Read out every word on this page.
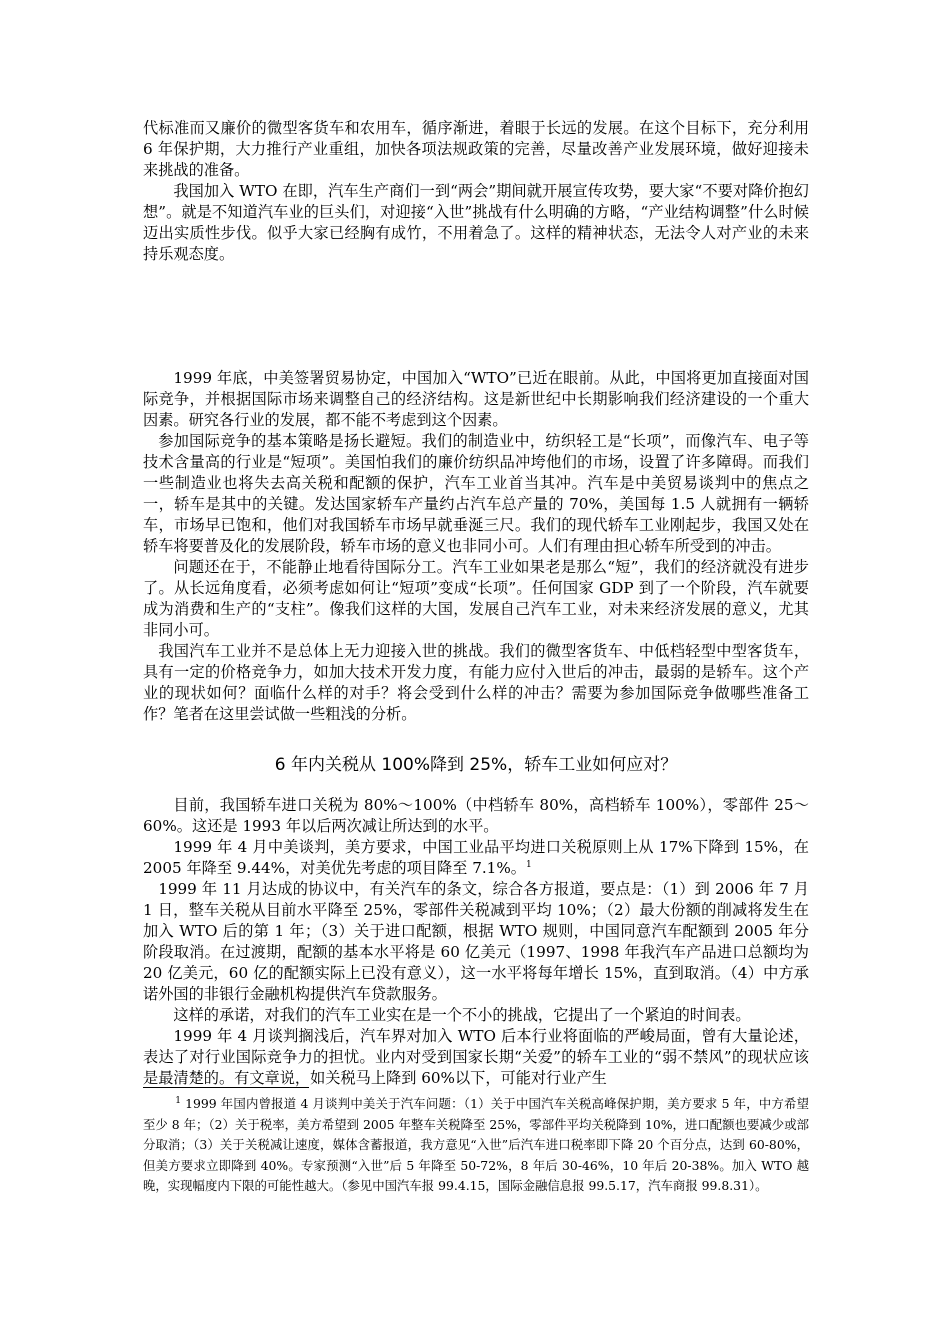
代标准而又廉价的微型客货车和农用车，循序渐进，着眼于长远的发展。在这个目标下，充分利用 6 年保护期，大力推行产业重组，加快各项法规政策的完善，尽量改善产业发展环境，做好迎接未来挑战的准备。

我国加入 WTO 在即，汽车生产商们一到“两会”期间就开展宣传攻势，要大家“不要对降价抱幻想”。就是不知道汽车业的巨头们，对迎接“入世”挑战有什么明确的方略，“产业结构调整”什么时候迈出实质性步伐。似乎大家已经胸有成竹，不用着急了。这样的精神状态，无法令人对产业的未来持乐观态度。

1999 年底，中美签署贸易协定，中国加入“WTO”已近在眼前。从此，中国将更加直接面对国际竞争，并根据国际市场来调整自己的经济结构。这是新世纪中长期影响我们经济建设的一个重大因素。研究各行业的发展，都不能不考虑到这个因素。

参加国际竞争的基本策略是扬长避短。我们的制造业中，纺织轻工是“长项”，而像汽车、电子等技术含量高的行业是“短项”。美国怕我们的廉价纺织品冲垮他们的市场，设置了许多障碍。而我们一些制造业也将失去高关税和配额的保护，汽车工业首当其冲。汽车是中美贸易谈判中的焦点之一，轿车是其中的关键。发达国家轿车产量约占汽车总产量的 70%，美国每 1.5 人就拥有一辆轿车，市场早已饱和，他们对我国轿车市场早就垂涎三尺。我们的现代轿车工业刚起步，我国又处在轿车将要普及化的发展阶段，轿车市场的意义也非同小可。人们有理由担心轿车所受到的冲击。

问题还在于，不能静止地看待国际分工。汽车工业如果老是那么“短”，我们的经济就没有进步了。从长远角度看，必须考虑如何让“短项”变成“长项”。任何国家 GDP 到了一个阶段，汽车就要成为消费和生产的“支柱”。像我们这样的大国，发展自己汽车工业，对未来经济发展的意义，尤其非同小可。

我国汽车工业并不是总体上无力迎接入世的挑战。我们的微型客货车、中低档轻型中型客货车，具有一定的价格竞争力，如加大技术开发力度，有能力应付入世后的冲击，最弱的是轿车。这个产业的现状如何？面临什么样的对手？将会受到什么样的冲击？需要为参加国际竞争做哪些准备工作？笔者在这里尝试做一些粗浅的分析。

6 年内关税从 100%降到 25%，轿车工业如何应对？

目前，我国轿车进口关税为 80%～100%（中档轿车 80%，高档轿车 100%），零部件 25～60%。这还是 1993 年以后两次减让所达到的水平。

1999 年 4 月中美谈判，美方要求，中国工业品平均进口关税原则上从 17%下降到 15%，在 2005 年降至 9.44%，对美优先考虑的项目降至 7.1%。$^1$

1999 年 11 月达成的协议中，有关汽车的条文，综合各方报道，要点是：（1）到 2006 年 7 月 1 日，整车关税从目前水平降至 25%，零部件关税减到平均 10%；（2）最大份额的削减将发生在加入 WTO 后的第 1 年；（3）关于进口配额，根据 WTO 规则，中国同意汽车配额到 2005 年分阶段取消。在过渡期，配额的基本水平将是 60 亿美元（1997、1998 年我汽车产品进口总额均为 20 亿美元，60 亿的配额实际上已没有意义），这一水平将每年增长 15%，直到取消。（4）中方承诺外国的非银行金融机构提供汽车贷款服务。

这样的承诺，对我们的汽车工业实在是一个不小的挑战，它提出了一个紧迫的时间表。

1999 年 4 月谈判搁浅后，汽车界对加入 WTO 后本行业将面临的严峻局面，曾有大量论述，表达了对行业国际竞争力的担忧。业内对受到国家长期“关爱”的轿车工业的“弱不禁风”的现状应该是最清楚的。有文章说，如关税马上降到 60%以下，可能对行业产生

$^1$ 1999 年国内曾报道 4 月谈判中美关于汽车问题：（1）关于中国汽车关税高峰保护期，美方要求 5 年，中方希望至少 8 年；（2）关于税率，美方希望到 2005 年整车关税降至 25%，零部件平均关税降到 10%，进口配额也要减少或部分取消；（3）关于关税减让速度，媒体含蓄报道，我方意见“入世”后汽车进口税率即下降 20 个百分点，达到 60-80%，但美方要求立即降到 40%。专家预测“入世”后 5 年降至 50-72%，8 年后 30-46%，10 年后 20-38%。加入 WTO 越晚，实现幅度内下限的可能性越大。（参见中国汽车报 99.4.15，国际金融信息报 99.5.17，汽车商报 99.8.31）。
